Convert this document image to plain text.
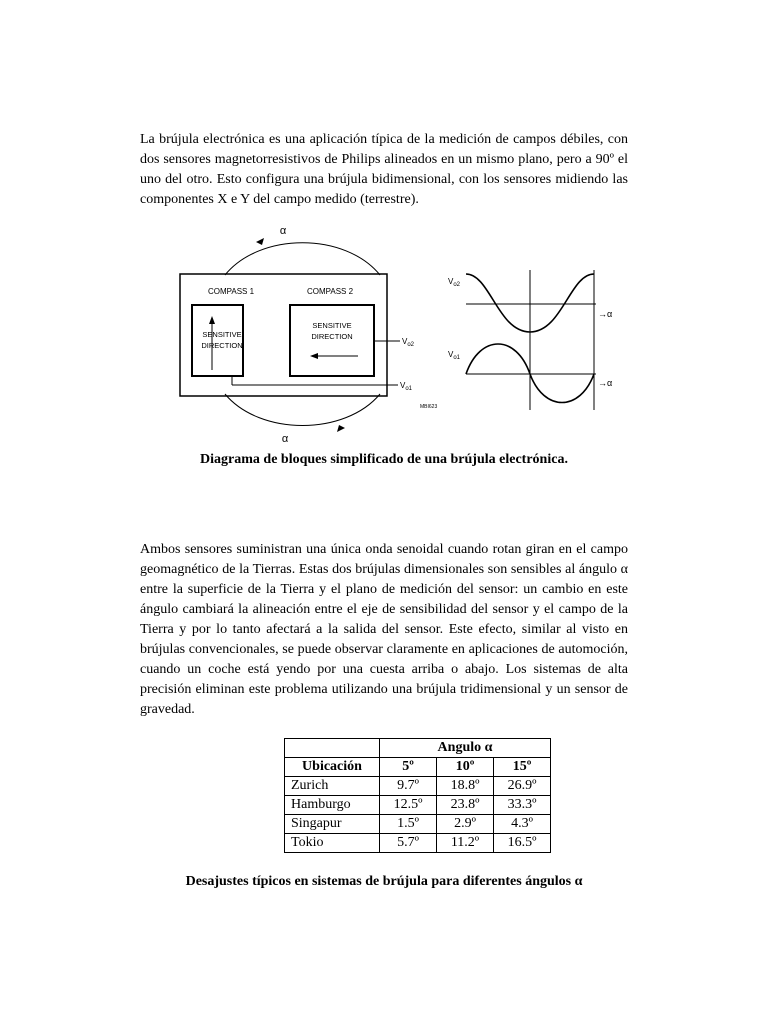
La brújula electrónica es una aplicación típica de la medición de campos débiles, con dos sensores magnetorresistivos de Philips alineados en un mismo plano, pero a 90º el uno del otro. Esto configura una brújula bidimensional, con los sensores midiendo las componentes X e Y del campo medido (terrestre).

α
α
COMPASS 1
SENSITIVE
DIRECTION
COMPASS 2
SENSITIVE
DIRECTION
$V_{o2}$
$V_{o1}$
MBI623
$V_{o2}$
→α
$V_{o1}$
→α

Diagrama de bloques simplificado de una brújula electrónica.

Ambos sensores suministran una única onda senoidal cuando rotan giran en el campo geomagnético de la Tierras. Estas dos brújulas dimensionales son sensibles al ángulo α entre la superficie de la Tierra y el plano de medición del sensor: un cambio en este ángulo cambiará la alineación entre el eje de sensibilidad del sensor y el campo de la Tierra y por lo tanto afectará a la salida del sensor. Este efecto, similar al visto en brújulas convencionales, se puede observar claramente en aplicaciones de automoción, cuando un coche está yendo por una cuesta arriba o abajo. Los sistemas de alta precisión eliminan este problema utilizando una brújula tridimensional y un sensor de gravedad.

	Angulo α		
Ubicación	5º	10º	15º
Zurich	9.7º	18.8º	26.9º
Hamburgo	12.5º	23.8º	33.3º
Singapur	1.5º	2.9º	4.3º
Tokio	5.7º	11.2º	16.5º

Desajustes típicos en sistemas de brújula para diferentes ángulos α
